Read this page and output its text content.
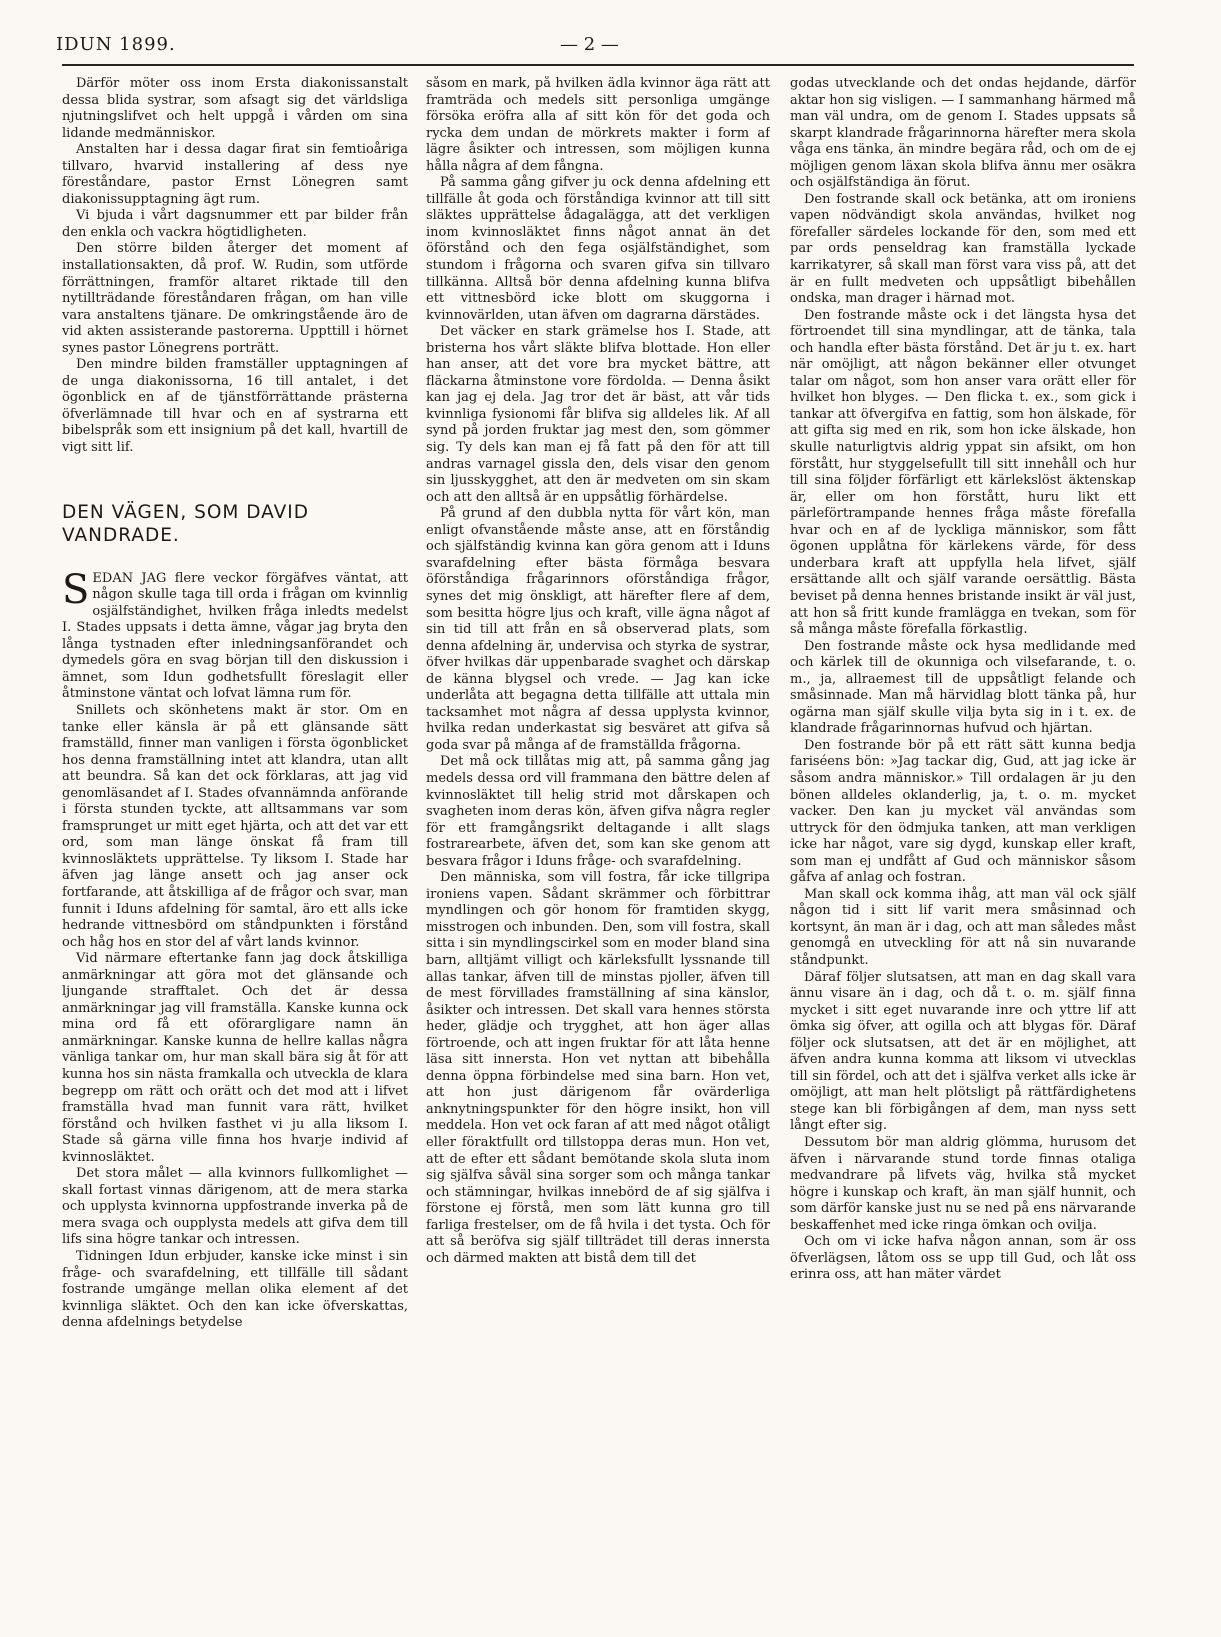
IDUN 1899.	— 2 —

Därför möter oss inom Ersta diakonissanstalt dessa blida systrar, som afsagt sig det världsliga njutningslifvet och helt uppgå i vården om sina lidande medmänniskor.

Anstalten har i dessa dagar firat sin femtioåriga tillvaro, hvarvid installering af dess nye föreståndare, pastor Ernst Lönegren samt diakonissupptagning ägt rum.

Vi bjuda i vårt dagsnummer ett par bilder från den enkla och vackra högtidligheten.

Den större bilden återger det moment af installationsakten, då prof. W. Rudin, som utförde förrättningen, framför altaret riktade till den nytillträdande föreståndaren frågan, om han ville vara anstaltens tjänare. De omkringstående äro de vid akten assisterande pastorerna. Uppttill i hörnet synes pastor Lönegrens porträtt.

Den mindre bilden framställer upptagningen af de unga diakonissorna, 16 till antalet, i det ögonblick en af de tjänstförrättande prästerna öfverlämnade till hvar och en af systrarna ett bibelspråk som ett insignium på det kall, hvartill de vigt sitt lif.

DEN VÄGEN, SOM DAVID VANDRADE.

SEDAN JAG flere veckor förgäfves väntat, att någon skulle taga till orda i frågan om kvinnlig osjälfständighet, hvilken fråga inledts medelst I. Stades uppsats i detta ämne, vågar jag bryta den långa tystnaden efter inledningsanförandet och dymedels göra en svag början till den diskussion i ämnet, som Idun godhetsfullt föreslagit eller åtminstone väntat och lofvat lämna rum för.

Snillets och skönhetens makt är stor. Om en tanke eller känsla är på ett glänsande sätt framställd, finner man vanligen i första ögonblicket hos denna framställning intet att klandra, utan allt att beundra. Så kan det ock förklaras, att jag vid genomläsandet af I. Stades ofvannämnda anförande i första stunden tyckte, att alltsammans var som framsprunget ur mitt eget hjärta, och att det var ett ord, som man länge önskat få fram till kvinnosläktets upprättelse. Ty liksom I. Stade har äfven jag länge ansett och jag anser ock fortfarande, att åtskilliga af de frågor och svar, man funnit i Iduns afdelning för samtal, äro ett alls icke hedrande vittnesbörd om ståndpunkten i förstånd och håg hos en stor del af vårt lands kvinnor.

Vid närmare eftertanke fann jag dock åtskilliga anmärkningar att göra mot det glänsande och ljungande strafftalet. Och det är dessa anmärkningar jag vill framställa. Kanske kunna ock mina ord få ett oförargligare namn än anmärkningar. Kanske kunna de hellre kallas några vänliga tankar om, hur man skall bära sig åt för att kunna hos sin nästa framkalla och utveckla de klara begrepp om rätt och orätt och det mod att i lifvet framställa hvad man funnit vara rätt, hvilket förstånd och hvilken fasthet vi ju alla liksom I. Stade så gärna ville finna hos hvarje individ af kvinnosläktet.

Det stora målet — alla kvinnors fullkomlighet — skall fortast vinnas därigenom, att de mera starka och upplysta kvinnorna uppfostrande inverka på de mera svaga och oupplysta medels att gifva dem till lifs sina högre tankar och intressen.

Tidningen Idun erbjuder, kanske icke minst i sin fråge- och svarafdelning, ett tillfälle till sådant fostrande umgänge mellan olika element af det kvinnliga släktet. Och den kan icke öfverskattas, denna afdelnings betydelse

såsom en mark, på hvilken ädla kvinnor äga rätt att framträda och medels sitt personliga umgänge försöka eröfra alla af sitt kön för det goda och rycka dem undan de mörkrets makter i form af lägre åsikter och intressen, som möjligen kunna hålla några af dem fångna.

På samma gång gifver ju ock denna afdelning ett tillfälle åt goda och förståndiga kvinnor att till sitt släktes upprättelse ådagalägga, att det verkligen inom kvinnosläktet finns något annat än det öförstånd och den fega osjälfständighet, som stundom i frågorna och svaren gifva sin tillvaro tillkänna. Alltså bör denna afdelning kunna blifva ett vittnesbörd icke blott om skuggorna i kvinnovärlden, utan äfven om dagrarna därstädes.

Det väcker en stark grämelse hos I. Stade, att bristerna hos vårt släkte blifva blottade. Hon eller han anser, att det vore bra mycket bättre, att fläckarna åtminstone vore fördolda. — Denna åsikt kan jag ej dela. Jag tror det är bäst, att vår tids kvinnliga fysionomi får blifva sig alldeles lik. Af all synd på jorden fruktar jag mest den, som gömmer sig. Ty dels kan man ej få fatt på den för att till andras varnagel gissla den, dels visar den genom sin ljusskygghet, att den är medveten om sin skam och att den alltså är en uppsåtlig förhärdelse.

På grund af den dubbla nytta för vårt kön, man enligt ofvanstående måste anse, att en förståndig och själfständig kvinna kan göra genom att i Iduns svarafdelning efter bästa förmåga besvara öförståndiga frågarinnors oförståndiga frågor, synes det mig önskligt, att härefter flere af dem, som besitta högre ljus och kraft, ville ägna något af sin tid till att från en så observerad plats, som denna afdelning är, undervisa och styrka de systrar, öfver hvilkas där uppenbarade svaghet och därskap de känna blygsel och vrede. — Jag kan icke underlåta att begagna detta tillfälle att uttala min tacksamhet mot några af dessa upplysta kvinnor, hvilka redan underkastat sig besväret att gifva så goda svar på många af de framställda frågorna.

Det må ock tillåtas mig att, på samma gång jag medels dessa ord vill frammana den bättre delen af kvinnosläktet till helig strid mot dårskapen och svagheten inom deras kön, äfven gifva några regler för ett framgångsrikt deltagande i allt slags fostrarearbete, äfven det, som kan ske genom att besvara frågor i Iduns fråge- och svarafdelning.

Den människa, som vill fostra, får icke tillgripa ironiens vapen. Sådant skrämmer och förbittrar myndlingen och gör honom för framtiden skygg, misstrogen och inbunden. Den, som vill fostra, skall sitta i sin myndlingscirkel som en moder bland sina barn, alltjämt villigt och kärleksfullt lyssnande till allas tankar, äfven till de minstas pjoller, äfven till de mest förvillades framställning af sina känslor, åsikter och intressen. Det skall vara hennes största heder, glädje och trygghet, att hon äger allas förtroende, och att ingen fruktar för att låta henne läsa sitt innersta. Hon vet nyttan att bibehålla denna öppna förbindelse med sina barn. Hon vet, att hon just därigenom får ovärderliga anknytningspunkter för den högre insikt, hon vill meddela. Hon vet ock faran af att med något otåligt eller föraktfullt ord tillstoppa deras mun. Hon vet, att de efter ett sådant bemötande skola sluta inom sig själfva såväl sina sorger som och många tankar och stämningar, hvilkas innebörd de af sig själfva i förstone ej förstå, men som lätt kunna gro till farliga frestelser, om de få hvila i det tysta. Och för att så beröfva sig själf tillträdet till deras innersta och därmed makten att bistå dem till det

godas utvecklande och det ondas hejdande, därför aktar hon sig visligen. — I sammanhang härmed må man väl undra, om de genom I. Stades uppsats så skarpt klandrade frågarinnorna härefter mera skola våga ens tänka, än mindre begära råd, och om de ej möjligen genom läxan skola blifva ännu mer osäkra och osjälfständiga än förut.

Den fostrande skall ock betänka, att om ironiens vapen nödvändigt skola användas, hvilket nog förefaller särdeles lockande för den, som med ett par ords penseldrag kan framställa lyckade karrikatyrer, så skall man först vara viss på, att det är en fullt medveten och uppsåtligt bibehållen ondska, man drager i härnad mot.

Den fostrande måste ock i det längsta hysa det förtroendet till sina myndlingar, att de tänka, tala och handla efter bästa förstånd. Det är ju t. ex. hart när omöjligt, att någon bekänner eller otvunget talar om något, som hon anser vara orätt eller för hvilket hon blyges. — Den flicka t. ex., som gick i tankar att öfvergifva en fattig, som hon älskade, för att gifta sig med en rik, som hon icke älskade, hon skulle naturligtvis aldrig yppat sin afsikt, om hon förstått, hur styggelsefullt till sitt innehåll och hur till sina följder förfärligt ett kärlekslöst äktenskap är, eller om hon förstått, huru likt ett pärleförtrampande hennes fråga måste förefalla hvar och en af de lyckliga människor, som fått ögonen upplåtna för kärlekens värde, för dess underbara kraft att uppfylla hela lifvet, själf ersättande allt och själf varande oersättlig. Bästa beviset på denna hennes bristande insikt är väl just, att hon så fritt kunde framlägga en tvekan, som för så många måste förefalla förkastlig.

Den fostrande måste ock hysa medlidande med och kärlek till de okunniga och vilsefarande, t. o. m., ja, allraemest till de uppsåtligt felande och småsinnade. Man må härvidlag blott tänka på, hur ogärna man själf skulle vilja byta sig in i t. ex. de klandrade frågarinnornas hufvud och hjärtan.

Den fostrande bör på ett rätt sätt kunna bedja fariséens bön: »Jag tackar dig, Gud, att jag icke är såsom andra människor.» Till ordalagen är ju den bönen alldeles oklanderlig, ja, t. o. m. mycket vacker. Den kan ju mycket väl användas som uttryck för den ödmjuka tanken, att man verkligen icke har något, vare sig dygd, kunskap eller kraft, som man ej undfått af Gud och människor såsom gåfva af anlag och fostran.

Man skall ock komma ihåg, att man väl ock själf någon tid i sitt lif varit mera småsinnad och kortsynt, än man är i dag, och att man således måst genomgå en utveckling för att nå sin nuvarande ståndpunkt.

Däraf följer slutsatsen, att man en dag skall vara ännu visare än i dag, och då t. o. m. själf finna mycket i sitt eget nuvarande inre och yttre lif att ömka sig öfver, att ogilla och att blygas för. Däraf följer ock slutsatsen, att det är en möjlighet, att äfven andra kunna komma att liksom vi utvecklas till sin fördel, och att det i själfva verket alls icke är omöjligt, att man helt plötsligt på rättfärdighetens stege kan bli förbigången af dem, man nyss sett långt efter sig.

Dessutom bör man aldrig glömma, hurusom det äfven i närvarande stund torde finnas otaliga medvandrare på lifvets väg, hvilka stå mycket högre i kunskap och kraft, än man själf hunnit, och som därför kanske just nu se ned på ens närvarande beskaffenhet med icke ringa ömkan och ovilja.

Och om vi icke hafva någon annan, som är oss öfverlägsen, låtom oss se upp till Gud, och låt oss erinra oss, att han mäter värdet
